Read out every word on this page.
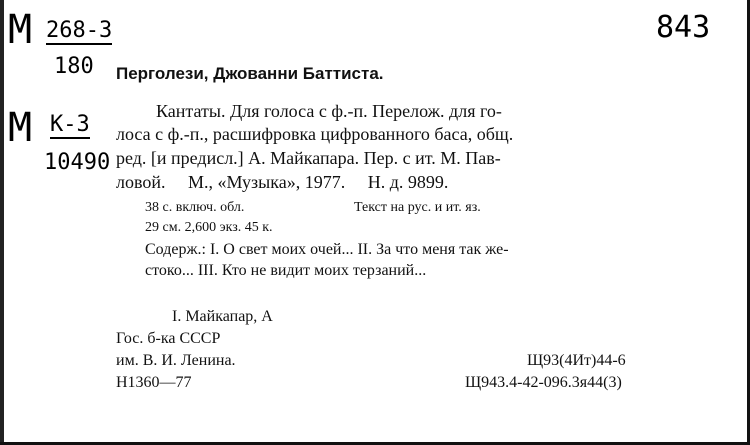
М 268-3
180
843
М К-3
10490
Перголези, Джованни Баттиста.
Кантаты. Для голоса с ф.-п. Перелож. для го-
лоса с ф.-п., расшифровка цифрованного баса, общ.
ред. [и предисл.] А. Майкапара. Пер. с ит. М. Пав-
ловой.     М., «Музыка», 1977.     Н. д. 9899.
38 с. включ. обл.	Текст на рус. и ит. яз.
29 см. 2,600 экз. 45 к.
Содерж.: I. О свет моих очей... II. За что меня так же-
стоко... III. Кто не видит моих терзаний...
I. Майкапар, А
Гос. б-ка СССР
им. В. И. Ленина.
Н1360—77
Щ93(4Ит)44-6
Щ943.4-42-096.3я44(3)
